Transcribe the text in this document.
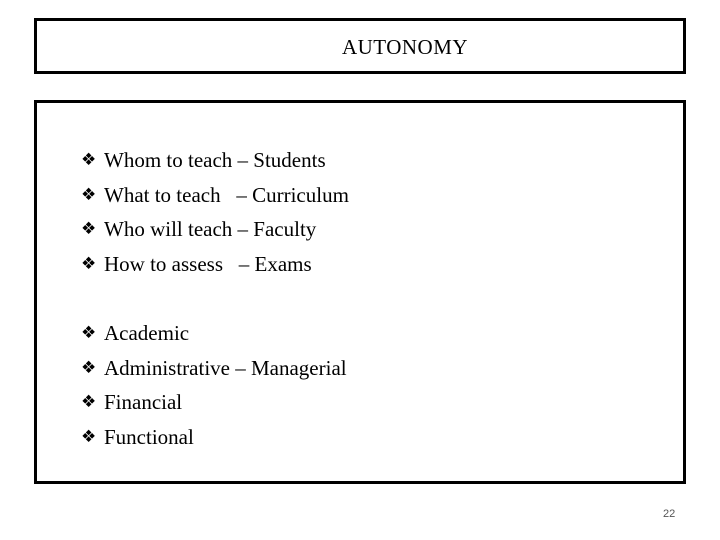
AUTONOMY
❖ Whom to teach – Students
❖ What to teach   – Curriculum
❖ Who will teach – Faculty
❖ How to assess   – Exams
❖ Academic
❖ Administrative – Managerial
❖ Financial
❖ Functional
22
